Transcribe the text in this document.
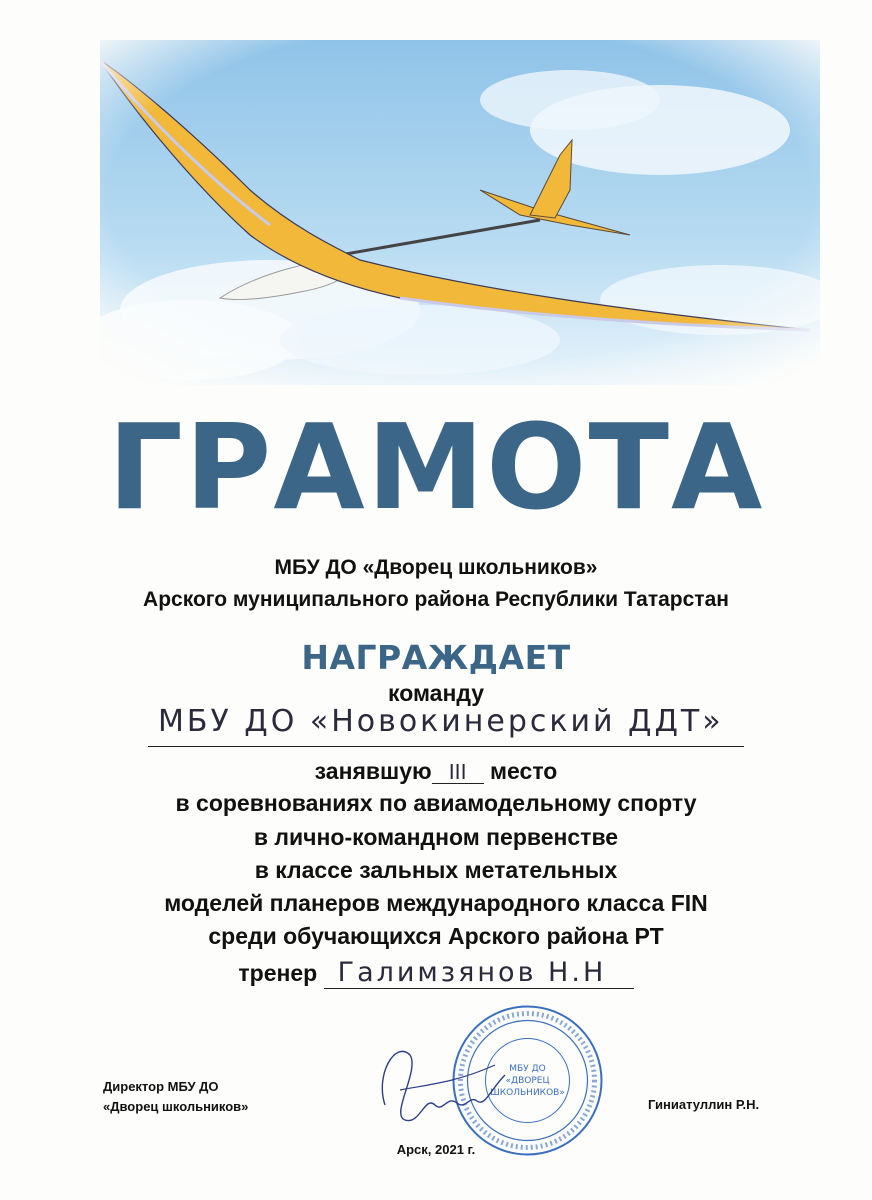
ГРАМОТА
МБУ ДО «Дворец школьников»
Арского муниципального района Республики Татарстан
НАГРАЖДАЕТ
команду
МБУ ДО «Новокинерский ДДТ»
занявшую III место
в соревнованиях по авиамодельному спорту
в лично-командном первенстве
в классе зальных метательных
моделей планеров международного класса FIN
среди обучающихся Арского района РТ
тренер Галимзянов Н.Н
МБУ ДО
«ДВОРЕЦ
ШКОЛЬНИКОВ»
Директор МБУ ДО
«Дворец школьников»	Гиниатуллин Р.Н.
Арск, 2021 г.
